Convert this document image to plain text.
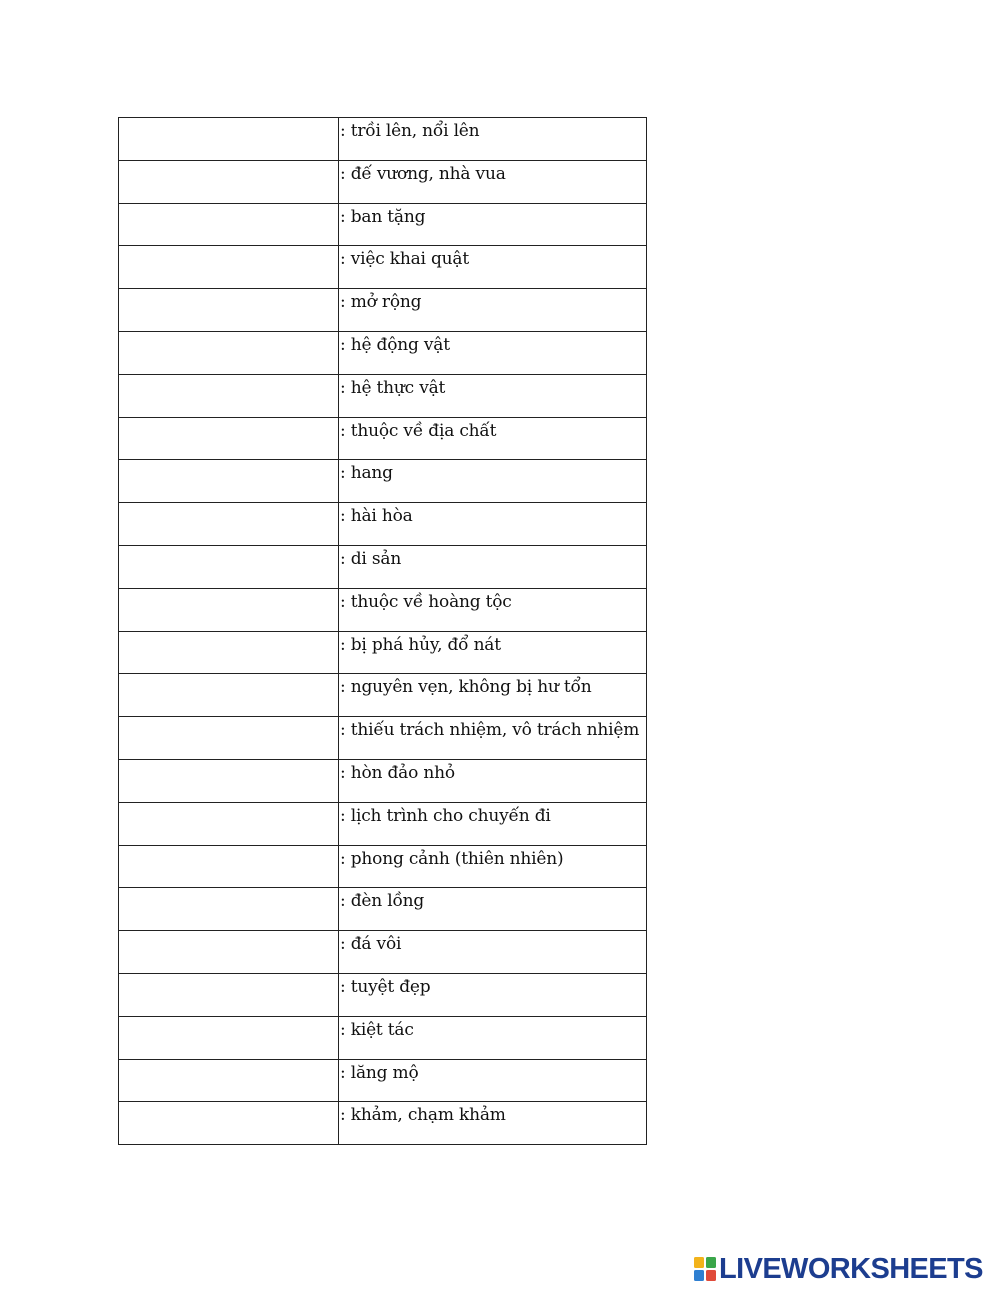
	: trồi lên, nổi lên

	: đế vương, nhà vua

	: ban tặng

	: việc khai quật

	: mở rộng

	: hệ động vật

	: hệ thực vật

	: thuộc về địa chất

	: hang

	: hài hòa

	: di sản

	: thuộc về hoàng tộc

	: bị phá hủy, đổ nát

	: nguyên vẹn, không bị hư tổn

	: thiếu trách nhiệm, vô trách nhiệm

	: hòn đảo nhỏ

	: lịch trình cho chuyến đi

	: phong cảnh (thiên nhiên)

	: đèn lồng

	: đá vôi

	: tuyệt đẹp

	: kiệt tác

	: lăng mộ

	: khảm, chạm khảm
LIVEWORKSHEETS
